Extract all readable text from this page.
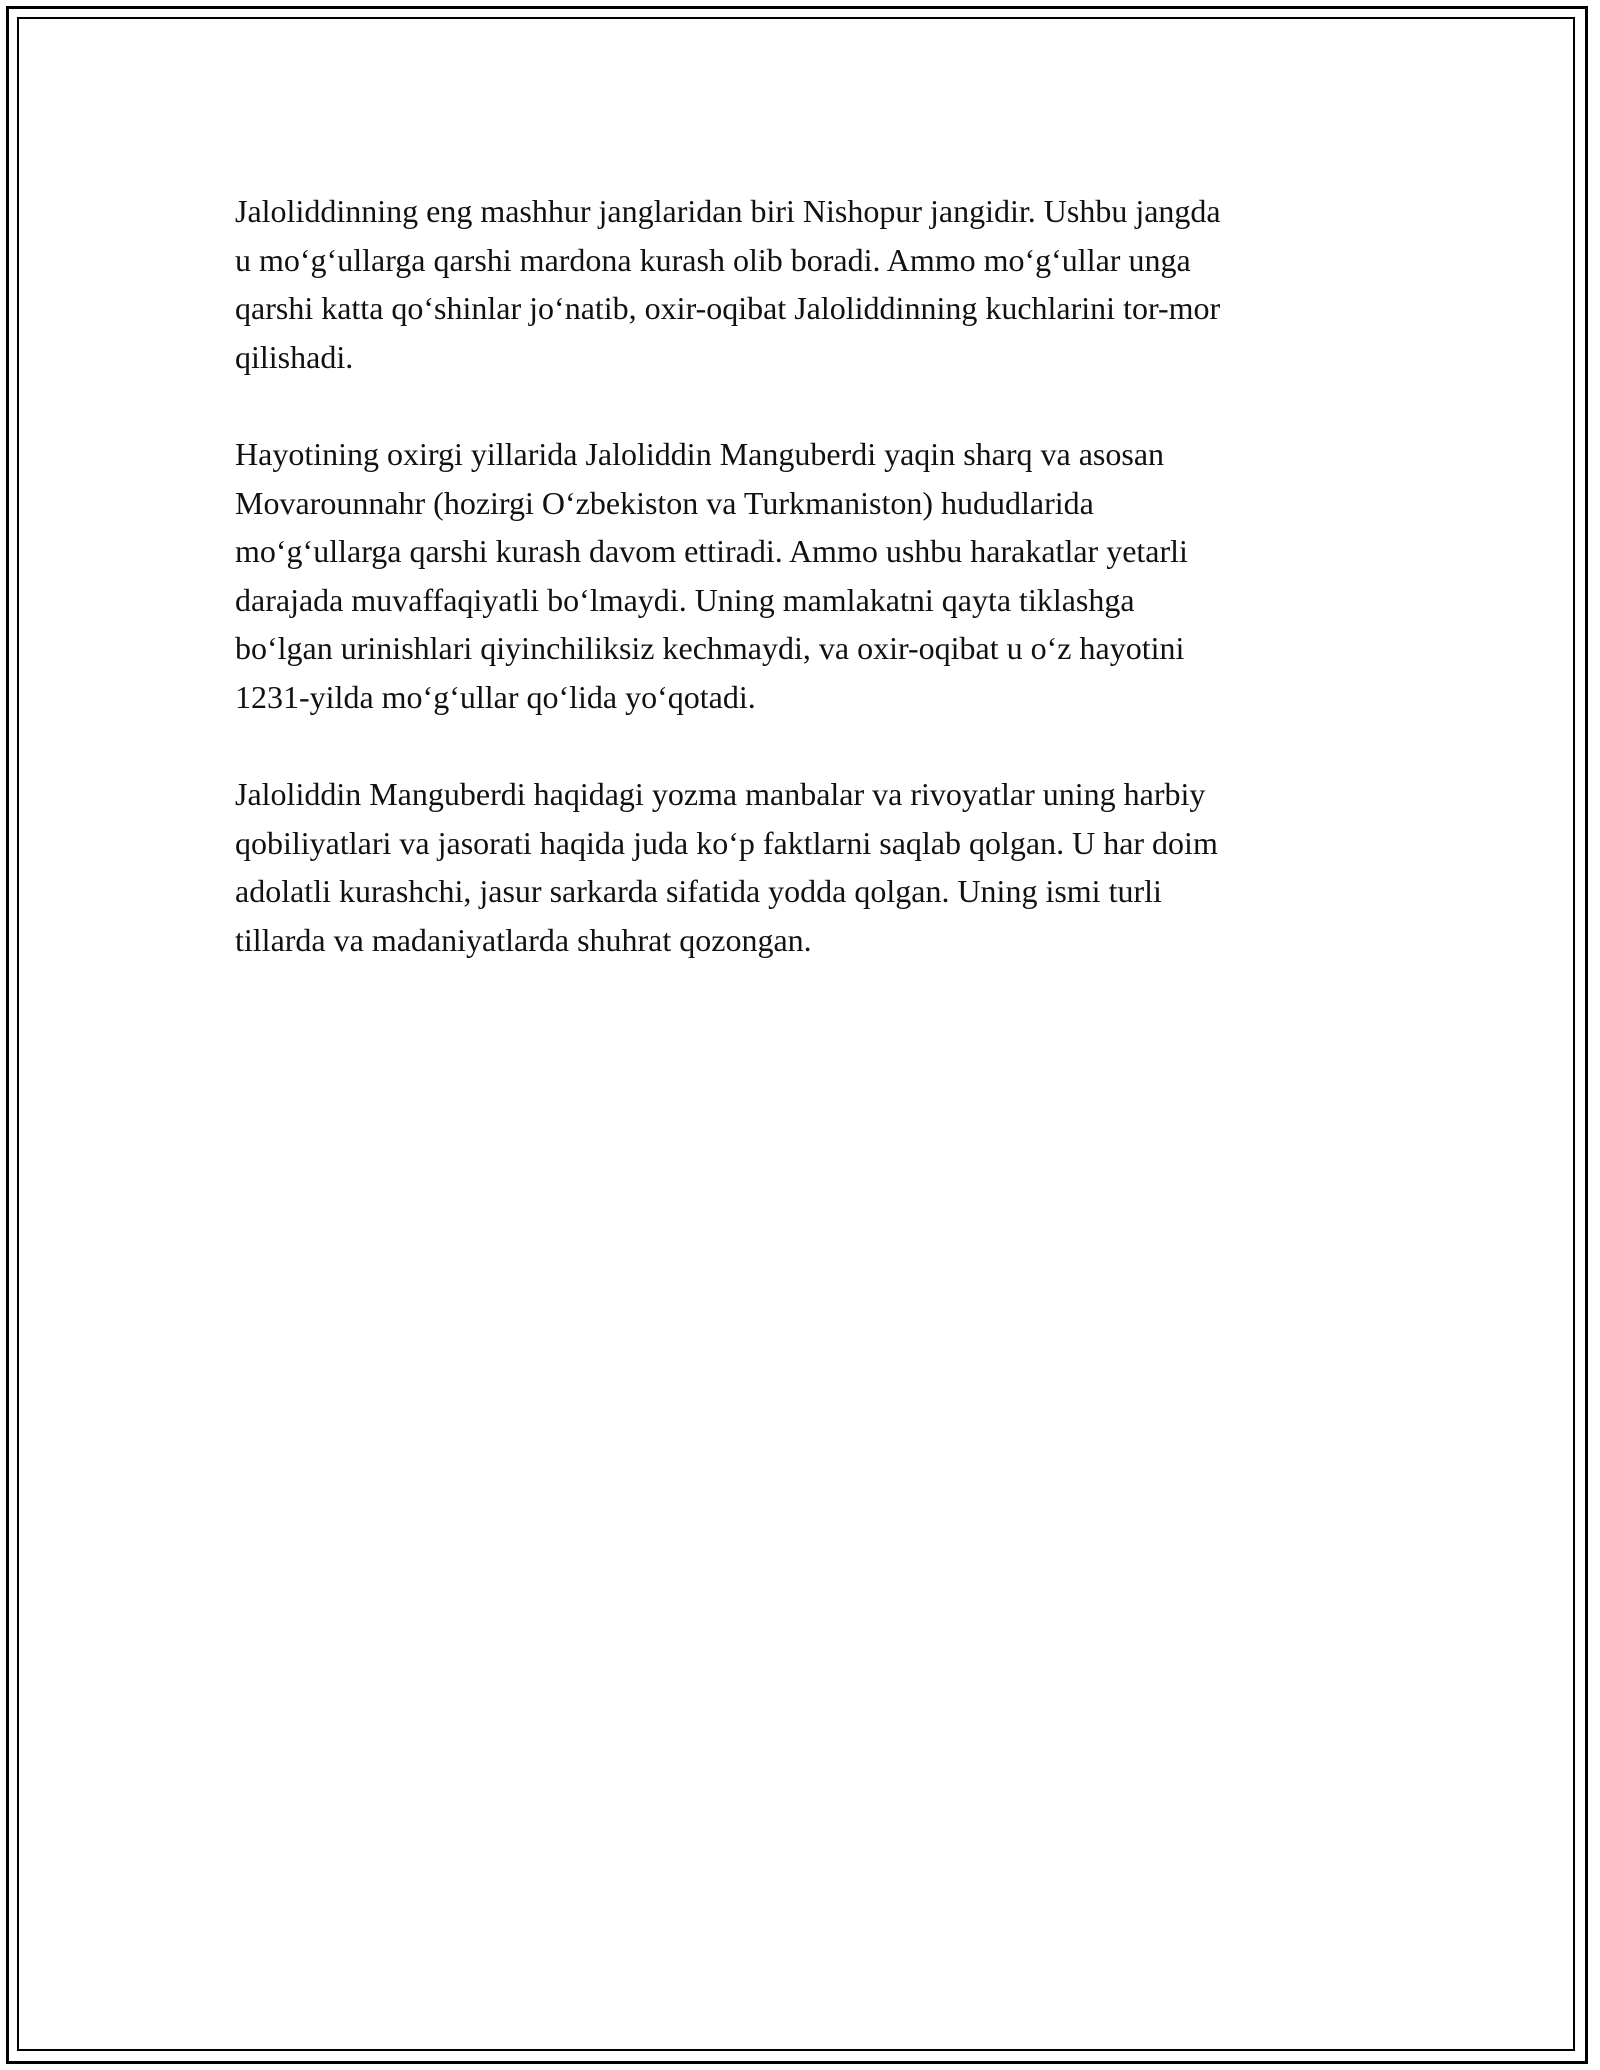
Jaloliddinning eng mashhur janglaridan biri Nishopur jangidir. Ushbu jangda
u mo‘g‘ullarga qarshi mardona kurash olib boradi. Ammo mo‘g‘ullar unga
qarshi katta qo‘shinlar jo‘natib, oxir-oqibat Jaloliddinning kuchlarini tor-mor
qilishadi.

Hayotining oxirgi yillarida Jaloliddin Manguberdi yaqin sharq va asosan
Movarounnahr (hozirgi O‘zbekiston va Turkmaniston) hududlarida
mo‘g‘ullarga qarshi kurash davom ettiradi. Ammo ushbu harakatlar yetarli
darajada muvaffaqiyatli bo‘lmaydi. Uning mamlakatni qayta tiklashga
bo‘lgan urinishlari qiyinchiliksiz kechmaydi, va oxir-oqibat u o‘z hayotini
1231-yilda mo‘g‘ullar qo‘lida yo‘qotadi.

Jaloliddin Manguberdi haqidagi yozma manbalar va rivoyatlar uning harbiy
qobiliyatlari va jasorati haqida juda ko‘p faktlarni saqlab qolgan. U har doim
adolatli kurashchi, jasur sarkarda sifatida yodda qolgan. Uning ismi turli
tillarda va madaniyatlarda shuhrat qozongan.
